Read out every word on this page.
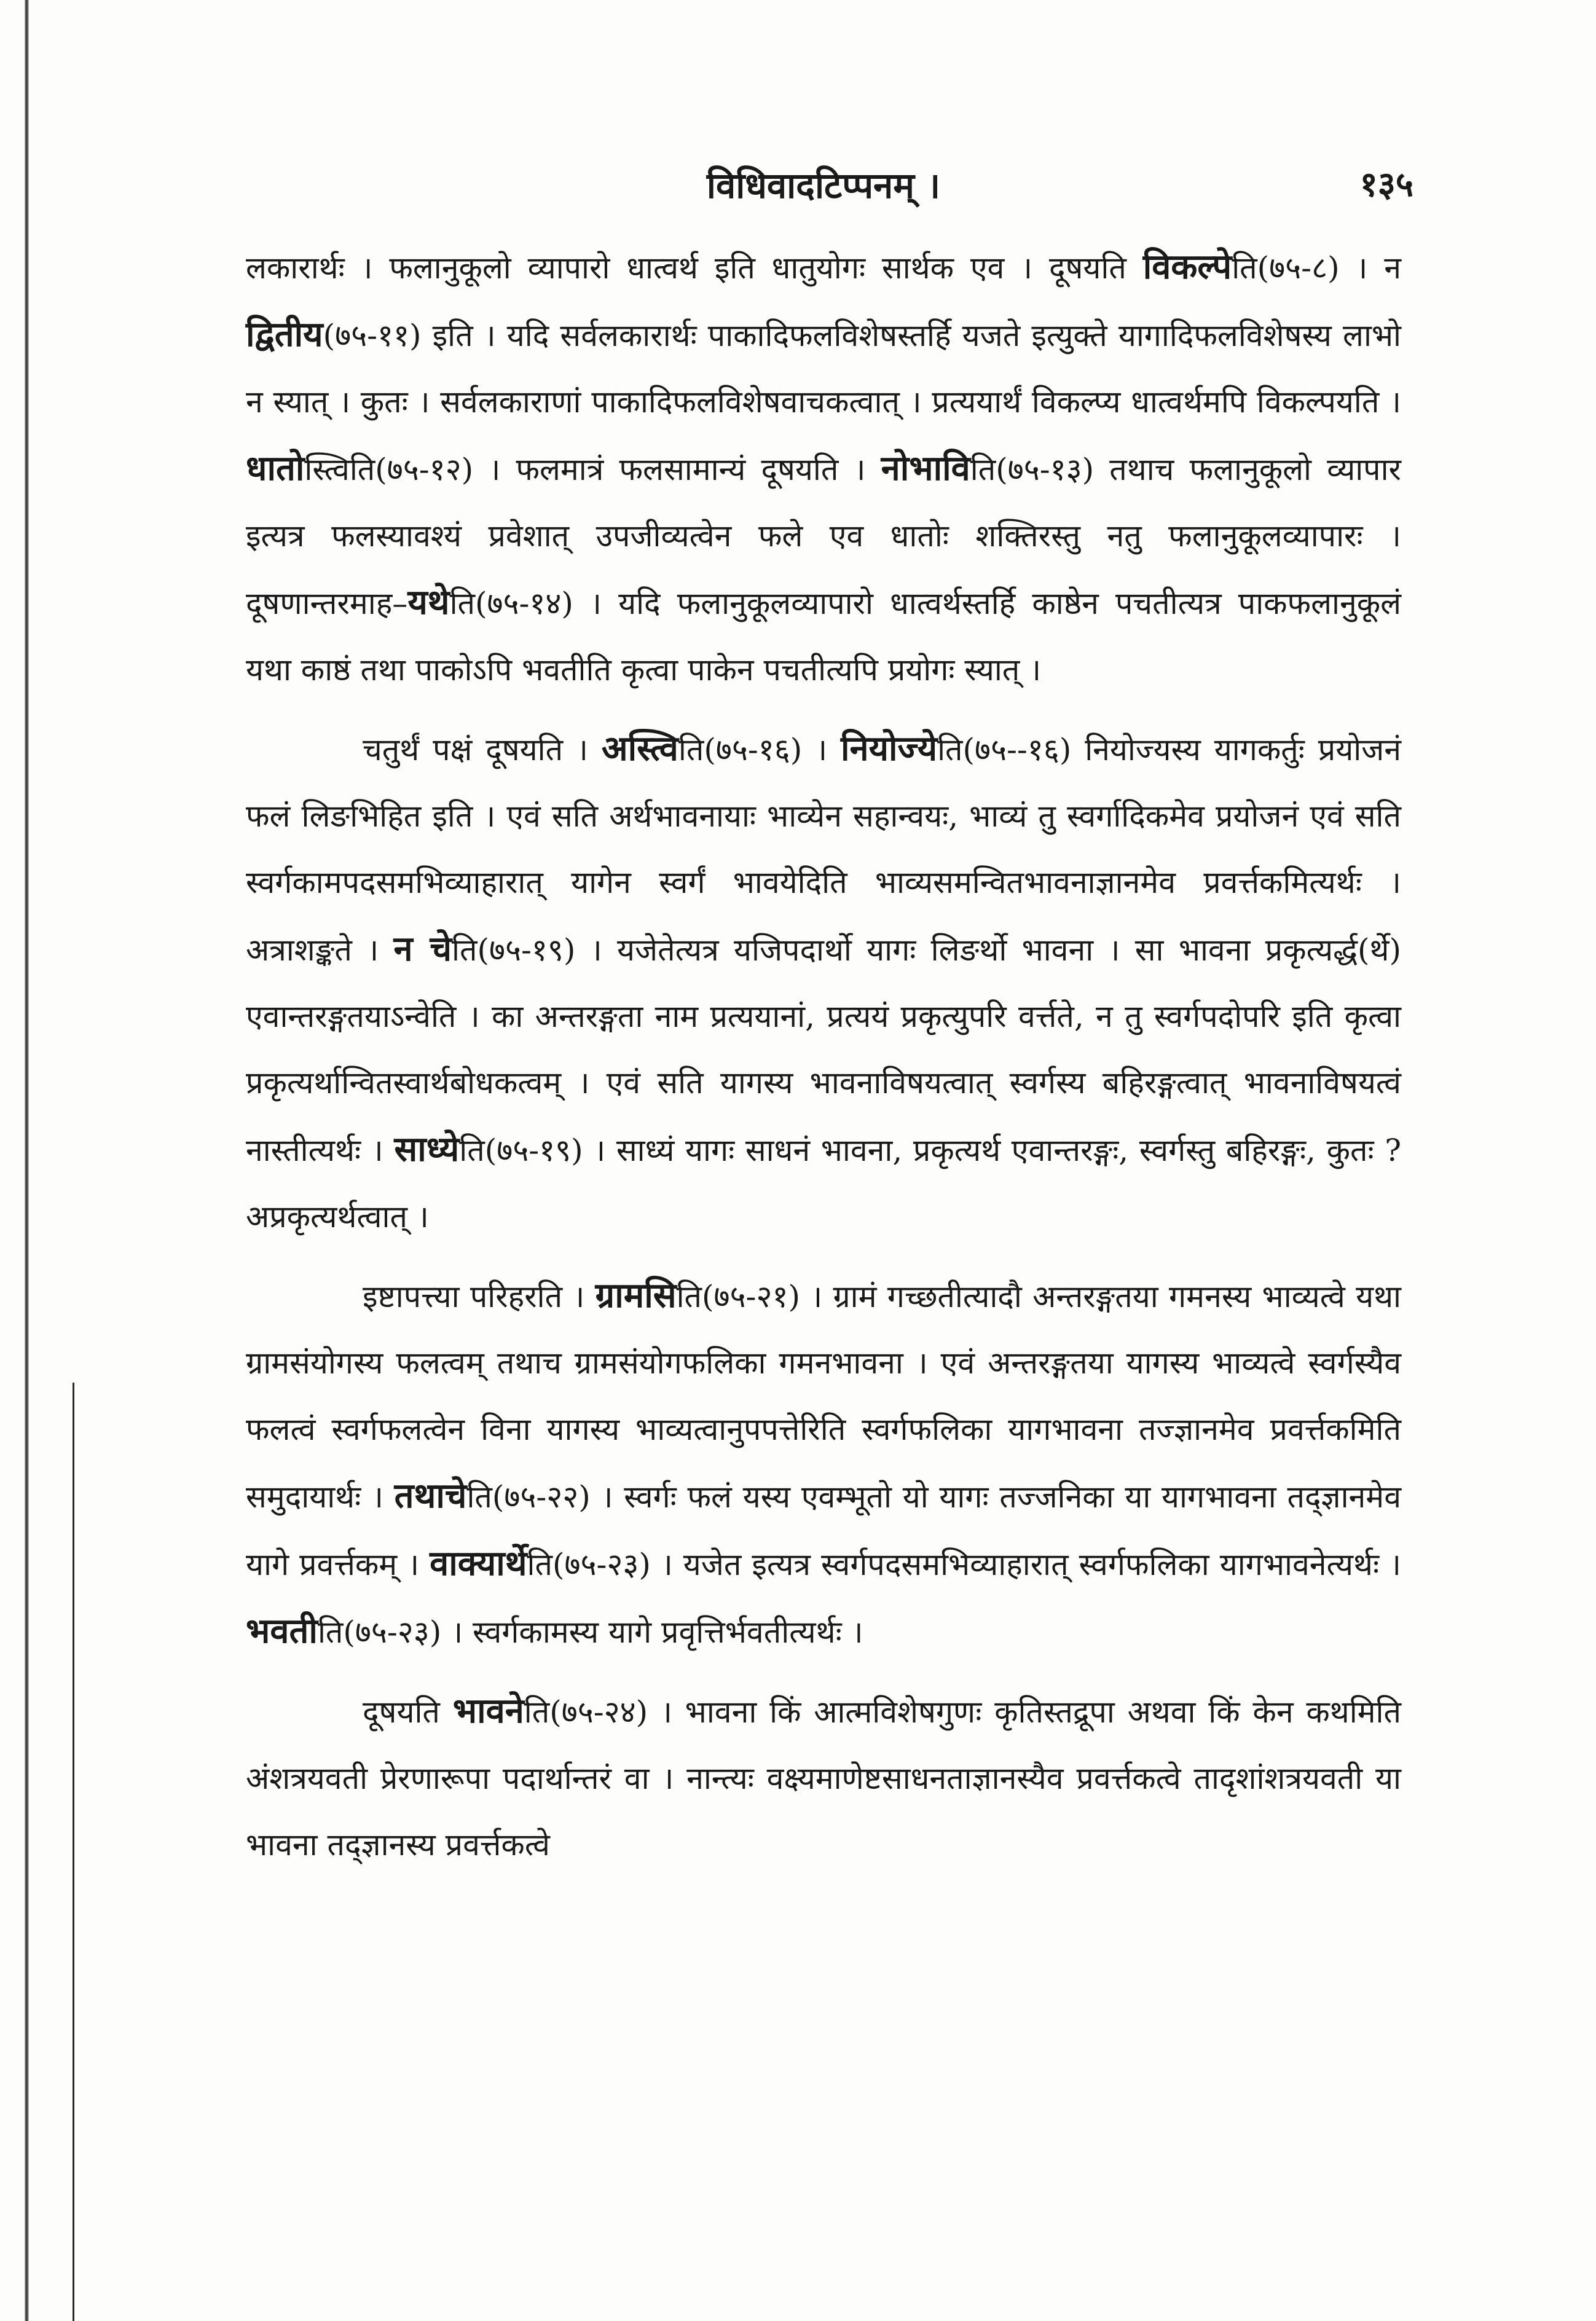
विधिवादटिप्पनम् ।	१३५

लकारार्थः । फलानुकूलो व्यापारो धात्वर्थ इति धातुयोगः सार्थक एव । दूषयति विकल्पेति(७५-८) । न द्वितीय(७५-११) इति । यदि सर्वलकारार्थः पाकादिफलविशेषस्तर्हि यजते इत्युक्ते यागादिफलविशेषस्य लाभो न स्यात् । कुतः । सर्वलकाराणां पाकादिफलविशेषवाचकत्वात् । प्रत्ययार्थं विकल्प्य धात्वर्थमपि विकल्पयति । धातोस्त्विति(७५-१२) । फलमात्रं फलसामान्यं दूषयति । नोभाविति(७५-१३) तथाच फलानुकूलो व्यापार इत्यत्र फलस्यावश्यं प्रवेशात् उपजीव्यत्वेन फले एव धातोः शक्तिरस्तु नतु फलानुकूलव्यापारः । दूषणान्तरमाह–यथेति(७५-१४) । यदि फलानुकूलव्यापारो धात्वर्थस्तर्हि काष्ठेन पचतीत्यत्र पाकफलानुकूलं यथा काष्ठं तथा पाकोऽपि भवतीति कृत्वा पाकेन पचतीत्यपि प्रयोगः स्यात् ।

चतुर्थं पक्षं दूषयति । अस्त्विति(७५-१६) । नियोज्येति(७५--१६) नियोज्यस्य यागकर्तुः प्रयोजनं फलं लिङभिहित इति । एवं सति अर्थभावनायाः भाव्येन सहान्वयः, भाव्यं तु स्वर्गादिकमेव प्रयोजनं एवं सति स्वर्गकामपदसमभिव्याहारात् यागेन स्वर्गं भावयेदिति भाव्यसमन्वितभावनाज्ञानमेव प्रवर्त्तकमित्यर्थः । अत्राशङ्कते । न चेति(७५-१९) । यजेतेत्यत्र यजिपदार्थो यागः लिङर्थो भावना । सा भावना प्रकृत्यर्द्ध(र्थे) एवान्तरङ्गतयाऽन्वेति । का अन्तरङ्गता नाम प्रत्ययानां, प्रत्ययं प्रकृत्युपरि वर्त्तते, न तु स्वर्गपदोपरि इति कृत्वा प्रकृत्यर्थान्वितस्वार्थबोधकत्वम् । एवं सति यागस्य भावनाविषयत्वात् स्वर्गस्य बहिरङ्गत्वात् भावनाविषयत्वं नास्तीत्यर्थः । साध्येति(७५-१९) । साध्यं यागः साधनं भावना, प्रकृत्यर्थ एवान्तरङ्गः, स्वर्गस्तु बहिरङ्गः, कुतः ? अप्रकृत्यर्थत्वात् ।

इष्टापत्त्या परिहरति । ग्रामसिति(७५-२१) । ग्रामं गच्छतीत्यादौ अन्तरङ्गतया गमनस्य भाव्यत्वे यथा ग्रामसंयोगस्य फलत्वम् तथाच ग्रामसंयोगफलिका गमनभावना । एवं अन्तरङ्गतया यागस्य भाव्यत्वे स्वर्गस्यैव फलत्वं स्वर्गफलत्वेन विना यागस्य भाव्यत्वानुपपत्तेरिति स्वर्गफलिका यागभावना तज्ज्ञानमेव प्रवर्त्तकमिति समुदायार्थः । तथाचेति(७५-२२) । स्वर्गः फलं यस्य एवम्भूतो यो यागः तज्जनिका या यागभावना तद्ज्ञानमेव यागे प्रवर्त्तकम् । वाक्यार्थेति(७५-२३) । यजेत इत्यत्र स्वर्गपदसमभिव्याहारात् स्वर्गफलिका यागभावनेत्यर्थः । भवतीति(७५-२३) । स्वर्गकामस्य यागे प्रवृत्तिर्भवतीत्यर्थः ।

दूषयति भावनेति(७५-२४) । भावना किं आत्मविशेषगुणः कृतिस्तद्रूपा अथवा किं केन कथमिति अंशत्रयवती प्रेरणारूपा पदार्थान्तरं वा । नान्त्यः वक्ष्यमाणेष्टसाधनताज्ञानस्यैव प्रवर्त्तकत्वे तादृशांशत्रयवती या भावना तद्ज्ञानस्य प्रवर्त्तकत्वे
